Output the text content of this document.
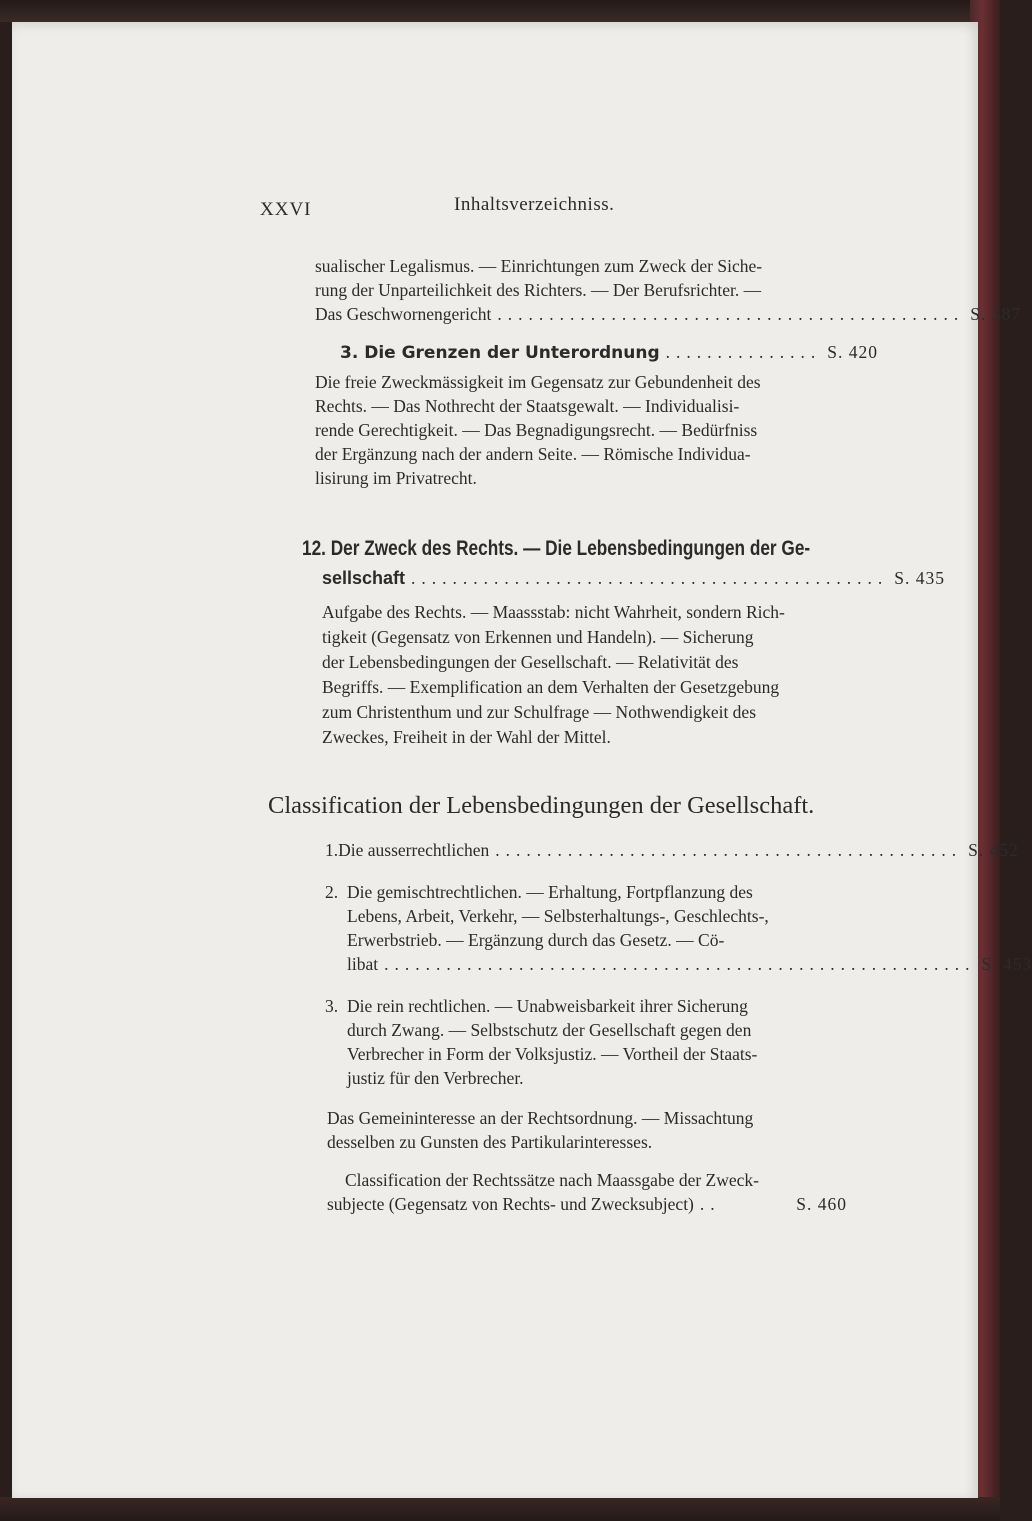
XXVI	Inhaltsverzeichniss.
sualischer Legalismus. — Einrichtungen zum Zweck der Siche-
rung der Unparteilichkeit des Richters. — Der Berufsrichter. —
Das Geschwornengericht ............................................. S. 387
3. Die Grenzen der Unterordnung ............... S. 420
Die freie Zweckmässigkeit im Gegensatz zur Gebundenheit des
Rechts. — Das Nothrecht der Staatsgewalt. — Individualisi-
rende Gerechtigkeit. — Das Begnadigungsrecht. — Bedürfniss
der Ergänzung nach der andern Seite. — Römische Individua-
lisirung im Privatrecht.
12. Der Zweck des Rechts. — Die Lebensbedingungen der Ge-
sellschaft .............................................. S. 435
Aufgabe des Rechts. — Maassstab: nicht Wahrheit, sondern Rich-
tigkeit (Gegensatz von Erkennen und Handeln). — Sicherung
der Lebensbedingungen der Gesellschaft. — Relativität des
Begriffs. — Exemplification an dem Verhalten der Gesetzgebung
zum Christenthum und zur Schulfrage — Nothwendigkeit des
Zweckes, Freiheit in der Wahl der Mittel.
Classification der Lebensbedingungen der Gesellschaft.
1. Die ausserrechtlichen ............................................. S. 452
2. Die gemischtrechtlichen. — Erhaltung, Fortpflanzung des
Lebens, Arbeit, Verkehr, — Selbsterhaltungs-, Geschlechts-,
Erwerbstrieb. — Ergänzung durch das Gesetz. — Cö-
libat ......................................................... S. 453
3. Die rein rechtlichen. — Unabweisbarkeit ihrer Sicherung
durch Zwang. — Selbstschutz der Gesellschaft gegen den
Verbrecher in Form der Volksjustiz. — Vortheil der Staats-
justiz für den Verbrecher.
Das Gemeininteresse an der Rechtsordnung. — Missachtung
desselben zu Gunsten des Partikularinteresses.
Classification der Rechtssätze nach Maassgabe der Zweck-
subjecte (Gegensatz von Rechts- und Zwecksubject) ..	S. 460
